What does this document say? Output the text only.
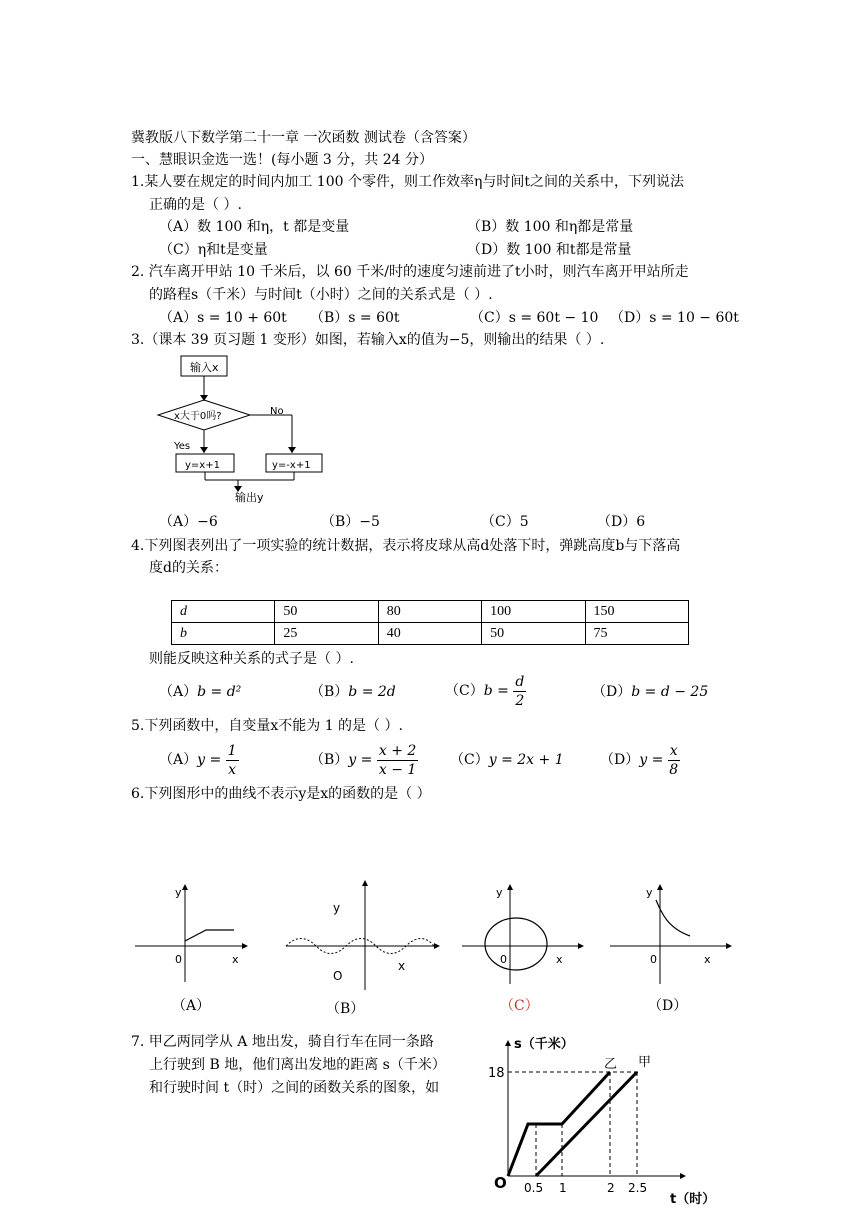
冀教版八下数学第二十一章 一次函数 测试卷（含答案）
一、慧眼识金选一选！(每小题 3 分，共 24 分）
1.某人要在规定的时间内加工 100 个零件，则工作效率η与时间t之间的关系中，下列说法
正确的是（ ）.
（A）数 100 和η，t 都是变量	（B）数 100 和η都是常量
（C）η和t是变量	（D）数 100 和t都是常量
2. 汽车离开甲站 10 千米后，以 60 千米/时的速度匀速前进了t小时，则汽车离开甲站所走
的路程s（千米）与时间t（小时）之间的关系式是（ ）.
（A）s = 10 + 60t （B）s = 60t	（C）s = 60t − 10 （D）s = 10 − 60t
3.（课本 39 页习题 1 变形）如图，若输入x的值为−5，则输出的结果（ ）.
输入x
x大于0吗?	No
Yes
y=x+1	y=-x+1
输出y
（A）−6	（B）−5	（C）5	（D）6
4.下列图表列出了一项实验的统计数据，表示将皮球从高d处落下时，弹跳高度b与下落高
度d的关系：
d	50	80	100	150
b	25	40	50	75
则能反映这种关系的式子是（ ）.
（A）b = d²	（B）b = 2d	$(C)b = \frac{d}{2}$	（D）b = d − 25
5.下列函数中，自变量x不能为 1 的是（ ）.
$(A)y = \frac{1}{x}$	$(B)y = \frac{x + 2}{x - 1} (C)y = 2x + 1$	$(D)y = \frac{x}{8}$
6.下列图形中的曲线不表示y是x的函数的是（ ）
y
x
0
（A）
y
x
O
（B）
y
x
0
（C）
y
x
0
（D）
7. 甲乙两同学从 A 地出发，骑自行车在同一条路
上行驶到 B 地，他们离出发地的距离 s（千米）
和行驶时间 t（时）之间的函数关系的图象，如
s（千米）
t（时）
O
18
0.5 1	2 2.5
乙 甲
